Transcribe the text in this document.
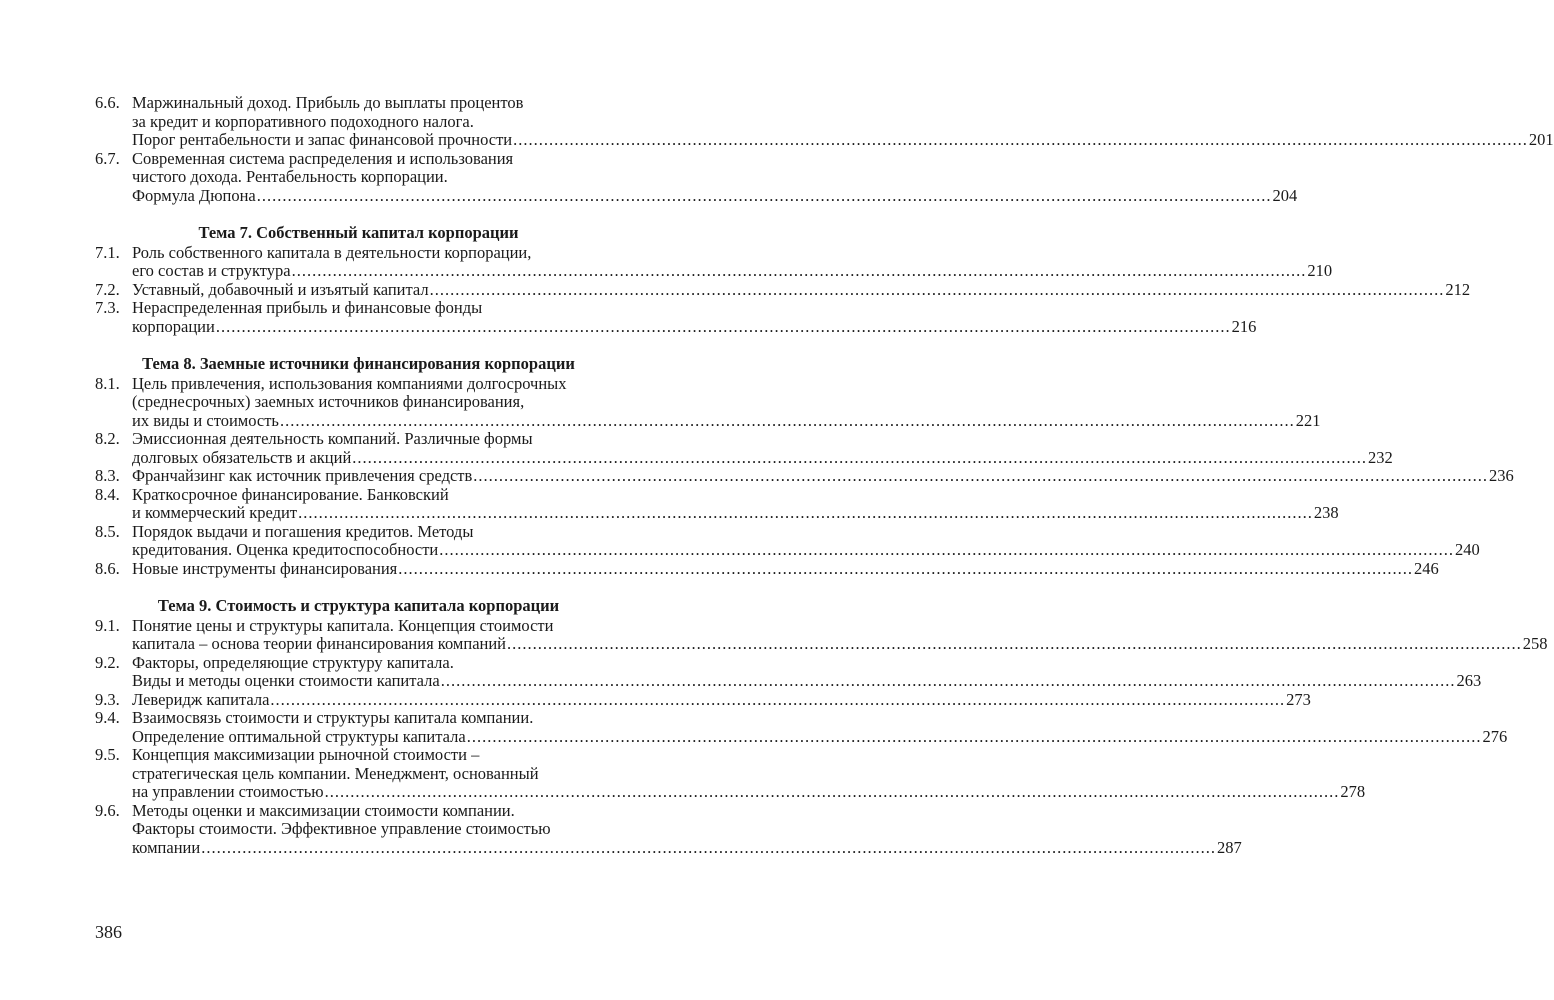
6.6. Маржинальный доход. Прибыль до выплаты процентов
за кредит и корпоративного подоходного налога.
Порог рентабельности и запас финансовой прочности .....	201
6.7. Современная система распределения и использования
чистого дохода. Рентабельность корпорации.
Формула Дюпона .....	204
Тема 7. Собственный капитал корпорации
7.1. Роль собственного капитала в деятельности корпорации,
его состав и структура .....	210
7.2. Уставный, добавочный и изъятый капитал .....	212
7.3. Нераспределенная прибыль и финансовые фонды
корпорации .....	216
Тема 8. Заемные источники финансирования корпорации
8.1. Цель привлечения, использования компаниями долгосрочных
(среднесрочных) заемных источников финансирования,
их виды и стоимость .....	221
8.2. Эмиссионная деятельность компаний. Различные формы
долговых обязательств и акций .....	232
8.3. Франчайзинг как источник привлечения средств .....	236
8.4. Краткосрочное финансирование. Банковский
и коммерческий кредит .....	238
8.5. Порядок выдачи и погашения кредитов. Методы
кредитования. Оценка кредитоспособности .....	240
8.6. Новые инструменты финансирования .....	246
Тема 9. Стоимость и структура капитала корпорации
9.1. Понятие цены и структуры капитала. Концепция стоимости
капитала – основа теории финансирования компаний .....	258
9.2. Факторы, определяющие структуру капитала.
Виды и методы оценки стоимости капитала .....	263
9.3. Леверидж капитала .....	273
9.4. Взаимосвязь стоимости и структуры капитала компании.
Определение оптимальной структуры капитала .....	276
9.5. Концепция максимизации рыночной стоимости –
стратегическая цель компании. Менеджмент, основанный
на управлении стоимостью .....	278
9.6. Методы оценки и максимизации стоимости компании.
Факторы стоимости. Эффективное управление стоимостью
компании .....	287
386
